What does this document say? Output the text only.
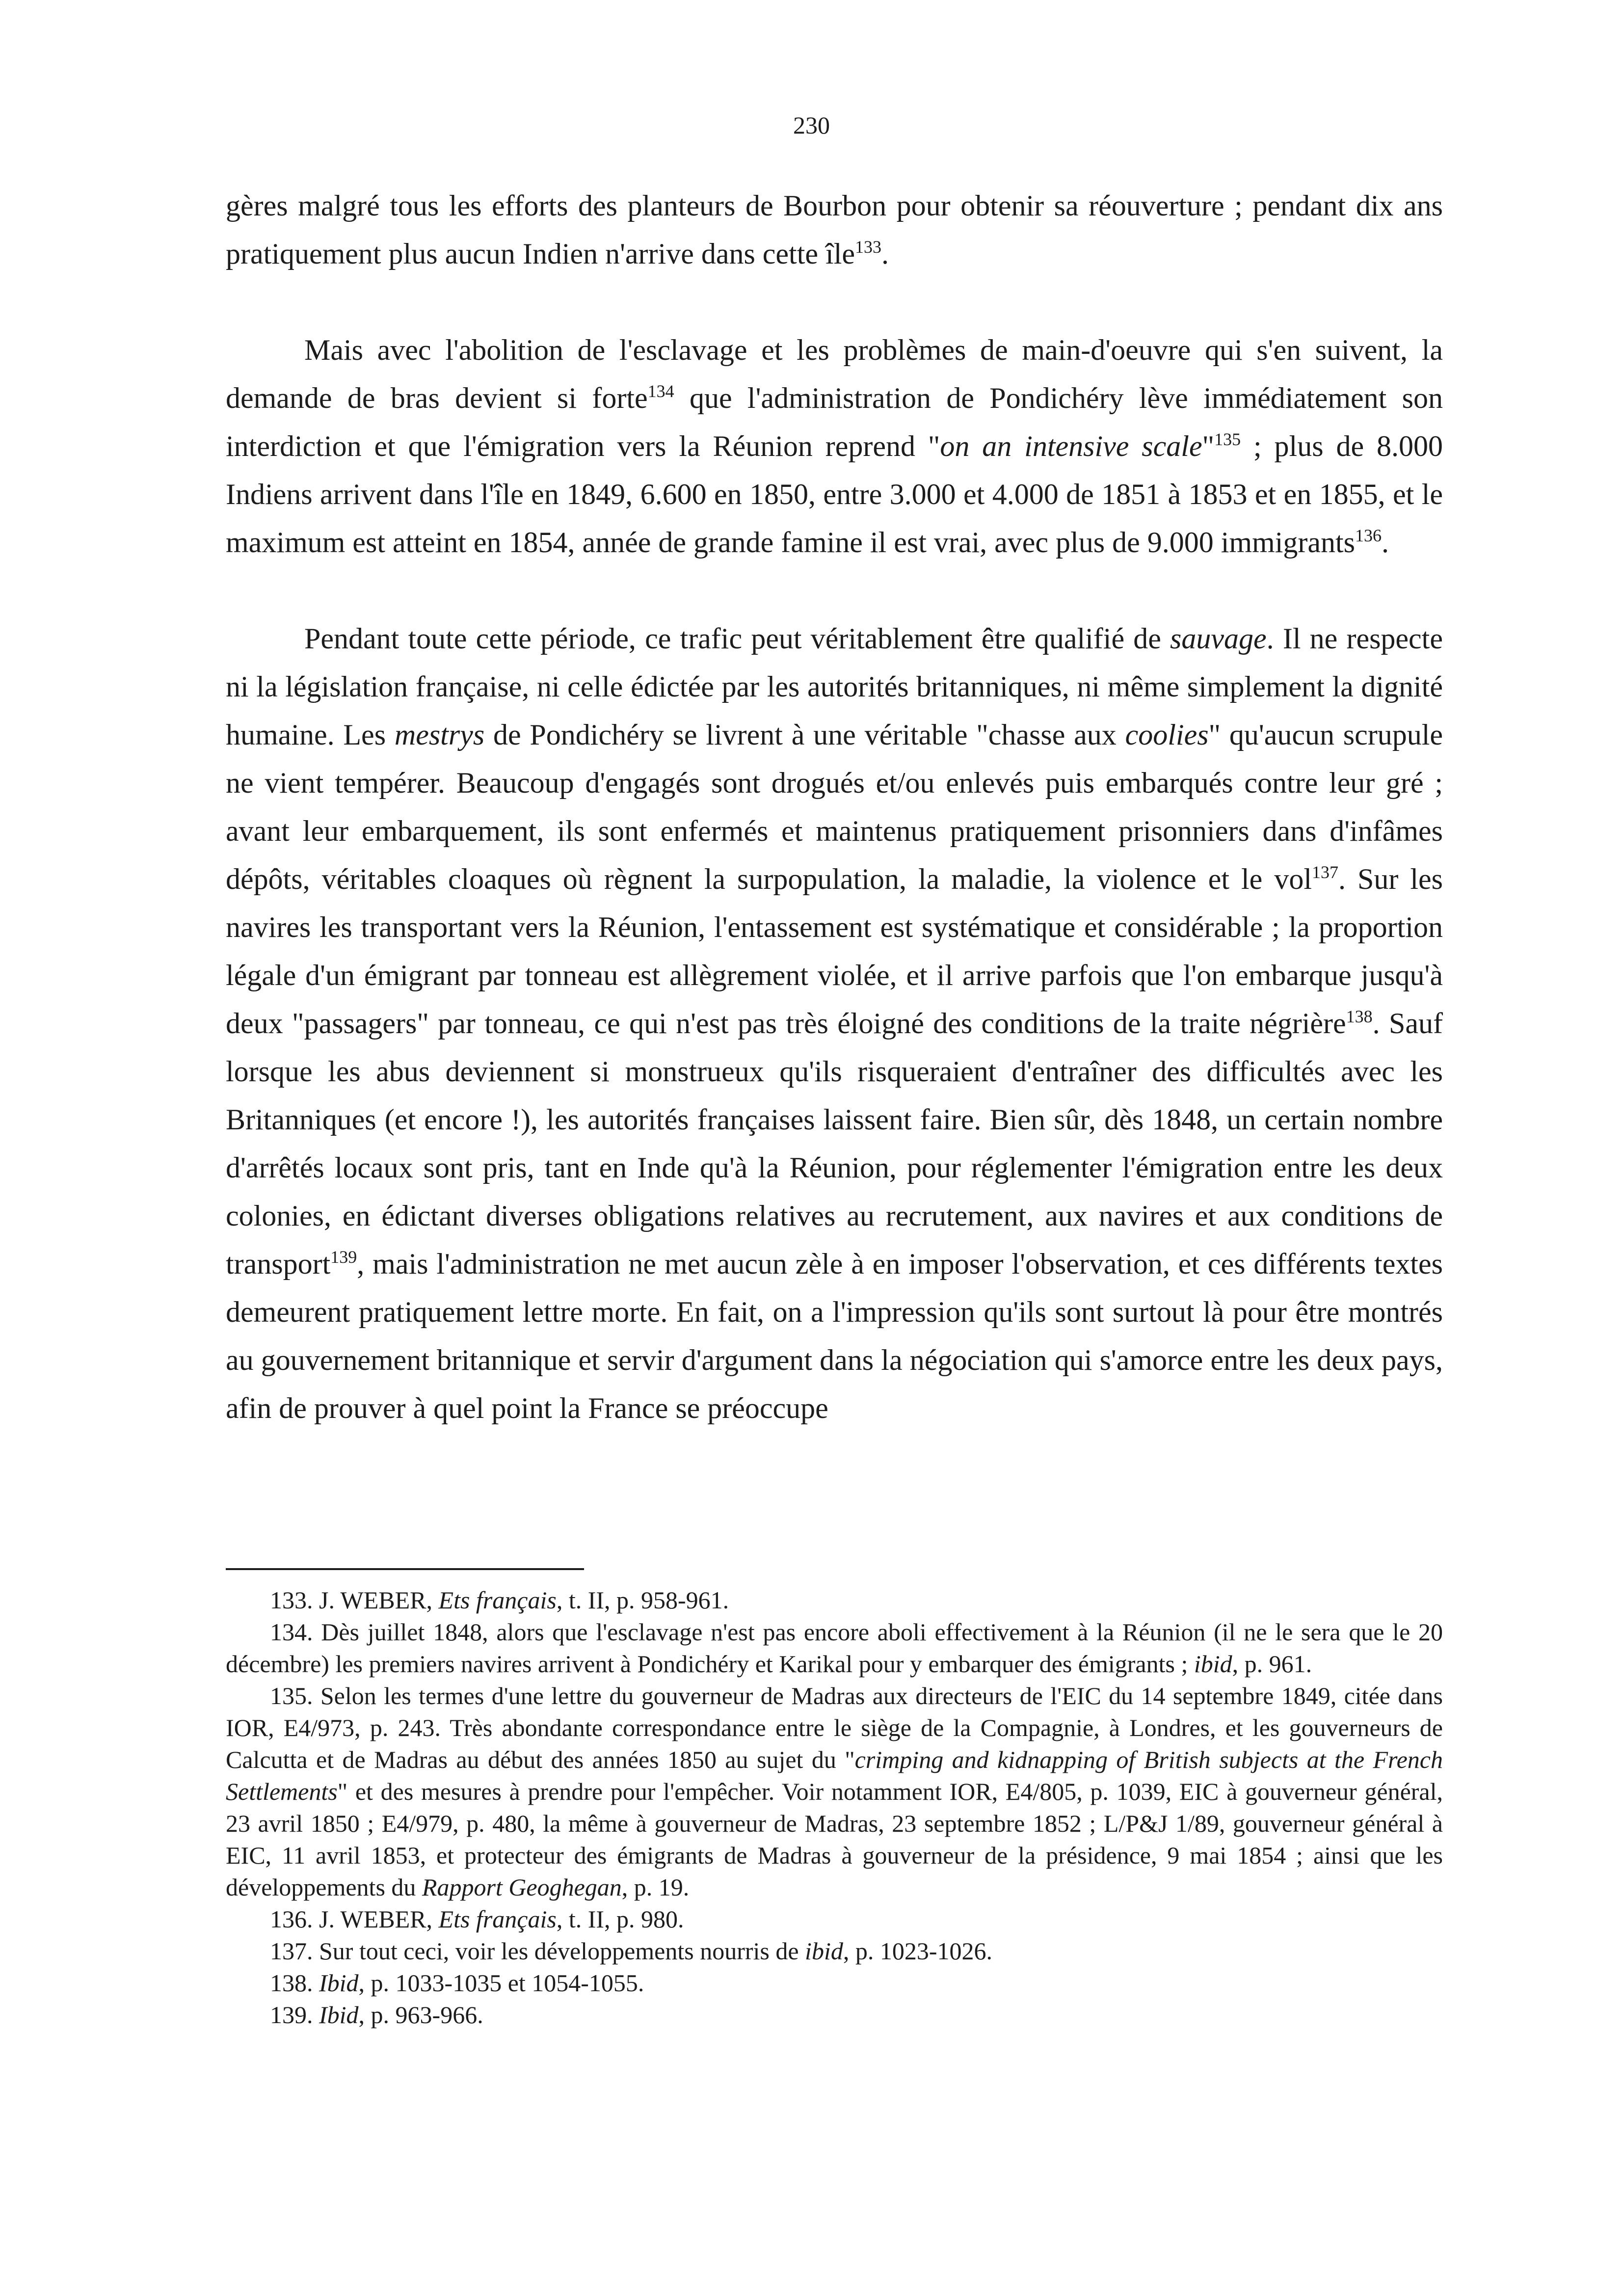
230

gères malgré tous les efforts des planteurs de Bourbon pour obtenir sa réouverture ; pendant dix ans pratiquement plus aucun Indien n'arrive dans cette île$^{133}$.

Mais avec l'abolition de l'esclavage et les problèmes de main-d'oeuvre qui s'en suivent, la demande de bras devient si forte$^{134}$ que l'administration de Pondichéry lève immédiatement son interdiction et que l'émigration vers la Réunion reprend "on an intensive scale"$^{135}$ ; plus de 8.000 Indiens arrivent dans l'île en 1849, 6.600 en 1850, entre 3.000 et 4.000 de 1851 à 1853 et en 1855, et le maximum est atteint en 1854, année de grande famine il est vrai, avec plus de 9.000 immigrants$^{136}$.

Pendant toute cette période, ce trafic peut véritablement être qualifié de sauvage. Il ne respecte ni la législation française, ni celle édictée par les autorités britanniques, ni même simplement la dignité humaine. Les mestrys de Pondichéry se livrent à une véritable "chasse aux coolies" qu'aucun scrupule ne vient tempérer. Beaucoup d'engagés sont drogués et/ou enlevés puis embarqués contre leur gré ; avant leur embarquement, ils sont enfermés et maintenus pratiquement prisonniers dans d'infâmes dépôts, véritables cloaques où règnent la surpopulation, la maladie, la violence et le vol$^{137}$. Sur les navires les transportant vers la Réunion, l'entassement est systématique et considérable ; la proportion légale d'un émigrant par tonneau est allègrement violée, et il arrive parfois que l'on embarque jusqu'à deux "passagers" par tonneau, ce qui n'est pas très éloigné des conditions de la traite négrière$^{138}$. Sauf lorsque les abus deviennent si monstrueux qu'ils risqueraient d'entraîner des difficultés avec les Britanniques (et encore !), les autorités françaises laissent faire. Bien sûr, dès 1848, un certain nombre d'arrêtés locaux sont pris, tant en Inde qu'à la Réunion, pour réglementer l'émigration entre les deux colonies, en édictant diverses obligations relatives au recrutement, aux navires et aux conditions de transport$^{139}$, mais l'administration ne met aucun zèle à en imposer l'observation, et ces différents textes demeurent pratiquement lettre morte. En fait, on a l'impression qu'ils sont surtout là pour être montrés au gouvernement britannique et servir d'argument dans la négociation qui s'amorce entre les deux pays, afin de prouver à quel point la France se préoccupe

133. J. WEBER, Ets français, t. II, p. 958-961.

134. Dès juillet 1848, alors que l'esclavage n'est pas encore aboli effectivement à la Réunion (il ne le sera que le 20 décembre) les premiers navires arrivent à Pondichéry et Karikal pour y embarquer des émigrants ; ibid, p. 961.

135. Selon les termes d'une lettre du gouverneur de Madras aux directeurs de l'EIC du 14 septembre 1849, citée dans IOR, E4/973, p. 243. Très abondante correspondance entre le siège de la Compagnie, à Londres, et les gouverneurs de Calcutta et de Madras au début des années 1850 au sujet du "crimping and kidnapping of British subjects at the French Settlements" et des mesures à prendre pour l'empêcher. Voir notamment IOR, E4/805, p. 1039, EIC à gouverneur général, 23 avril 1850 ; E4/979, p. 480, la même à gouverneur de Madras, 23 septembre 1852 ; L/P&J 1/89, gouverneur général à EIC, 11 avril 1853, et protecteur des émigrants de Madras à gouverneur de la présidence, 9 mai 1854 ; ainsi que les développements du Rapport Geoghegan, p. 19.

136. J. WEBER, Ets français, t. II, p. 980.

137. Sur tout ceci, voir les développements nourris de ibid, p. 1023-1026.

138. Ibid, p. 1033-1035 et 1054-1055.

139. Ibid, p. 963-966.
